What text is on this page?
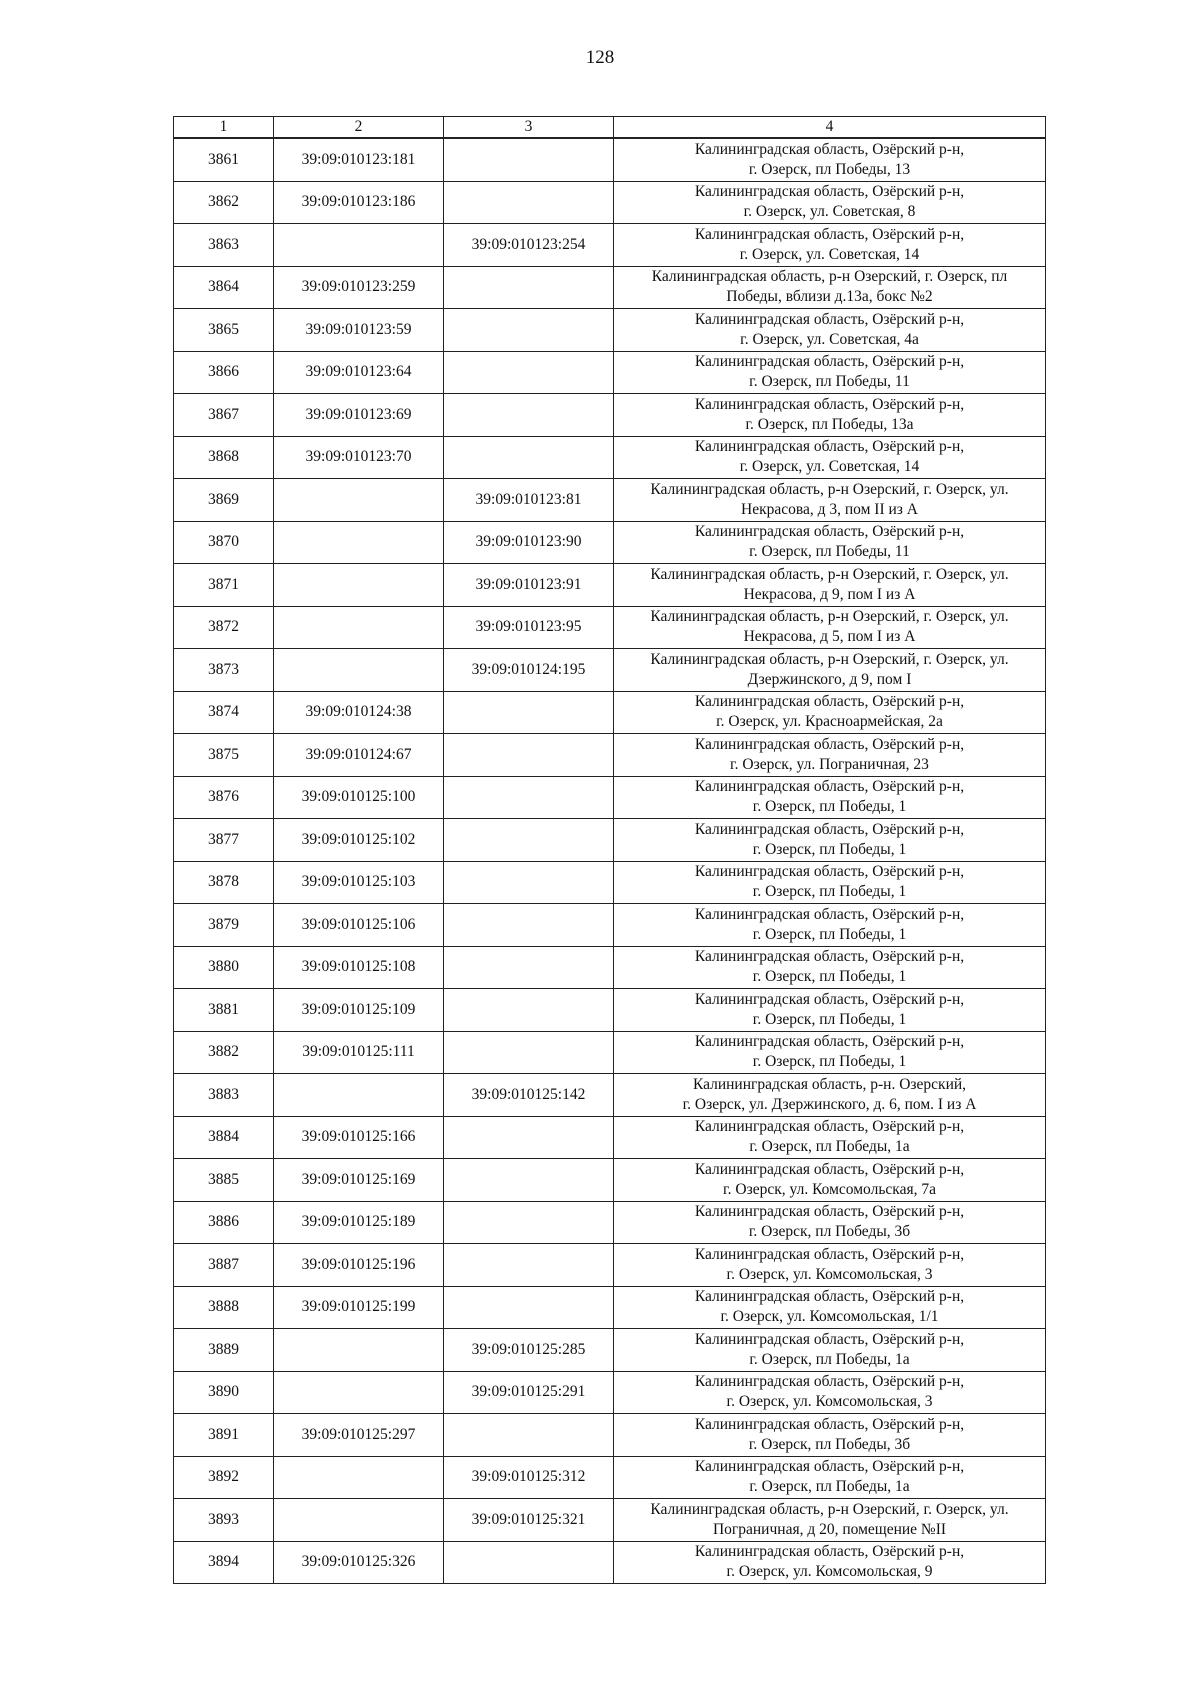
128
1	2	3	4
3861	39:09:010123:181		Калининградская область, Озёрский р-н,
г. Озерск, пл Победы, 13

3862	39:09:010123:186		Калининградская область, Озёрский р-н,
г. Озерск, ул. Советская, 8

3863		39:09:010123:254	Калининградская область, Озёрский р-н,
г. Озерск, ул. Советская, 14

3864	39:09:010123:259		Калининградская область, р-н Озерский, г. Озерск, пл
Победы, вблизи д.13а, бокс №2

3865	39:09:010123:59		Калининградская область, Озёрский р-н,
г. Озерск, ул. Советская, 4а

3866	39:09:010123:64		Калининградская область, Озёрский р-н,
г. Озерск, пл Победы, 11

3867	39:09:010123:69		Калининградская область, Озёрский р-н,
г. Озерск, пл Победы, 13а

3868	39:09:010123:70		Калининградская область, Озёрский р-н,
г. Озерск, ул. Советская, 14

3869		39:09:010123:81	Калининградская область, р-н Озерский, г. Озерск, ул.
Некрасова, д 3, пом II из А

3870		39:09:010123:90	Калининградская область, Озёрский р-н,
г. Озерск, пл Победы, 11

3871		39:09:010123:91	Калининградская область, р-н Озерский, г. Озерск, ул.
Некрасова, д 9, пом I из А

3872		39:09:010123:95	Калининградская область, р-н Озерский, г. Озерск, ул.
Некрасова, д 5, пом I из А

3873		39:09:010124:195	Калининградская область, р-н Озерский, г. Озерск, ул.
Дзержинского, д 9, пом I

3874	39:09:010124:38		Калининградская область, Озёрский р-н,
г. Озерск, ул. Красноармейская, 2а

3875	39:09:010124:67		Калининградская область, Озёрский р-н,
г. Озерск, ул. Пограничная, 23

3876	39:09:010125:100		Калининградская область, Озёрский р-н,
г. Озерск, пл Победы, 1

3877	39:09:010125:102		Калининградская область, Озёрский р-н,
г. Озерск, пл Победы, 1

3878	39:09:010125:103		Калининградская область, Озёрский р-н,
г. Озерск, пл Победы, 1

3879	39:09:010125:106		Калининградская область, Озёрский р-н,
г. Озерск, пл Победы, 1

3880	39:09:010125:108		Калининградская область, Озёрский р-н,
г. Озерск, пл Победы, 1

3881	39:09:010125:109		Калининградская область, Озёрский р-н,
г. Озерск, пл Победы, 1

3882	39:09:010125:111		Калининградская область, Озёрский р-н,
г. Озерск, пл Победы, 1

3883		39:09:010125:142	Калининградская область, р-н. Озерский,
г. Озерск, ул. Дзержинского, д. 6, пом. I из А

3884	39:09:010125:166		Калининградская область, Озёрский р-н,
г. Озерск, пл Победы, 1а

3885	39:09:010125:169		Калининградская область, Озёрский р-н,
г. Озерск, ул. Комсомольская, 7а

3886	39:09:010125:189		Калининградская область, Озёрский р-н,
г. Озерск, пл Победы, 3б

3887	39:09:010125:196		Калининградская область, Озёрский р-н,
г. Озерск, ул. Комсомольская, 3

3888	39:09:010125:199		Калининградская область, Озёрский р-н,
г. Озерск, ул. Комсомольская, 1/1

3889		39:09:010125:285	Калининградская область, Озёрский р-н,
г. Озерск, пл Победы, 1а

3890		39:09:010125:291	Калининградская область, Озёрский р-н,
г. Озерск, ул. Комсомольская, 3

3891	39:09:010125:297		Калининградская область, Озёрский р-н,
г. Озерск, пл Победы, 3б

3892		39:09:010125:312	Калининградская область, Озёрский р-н,
г. Озерск, пл Победы, 1а

3893		39:09:010125:321	Калининградская область, р-н Озерский, г. Озерск, ул.
Пограничная, д 20, помещение №II

3894	39:09:010125:326		Калининградская область, Озёрский р-н,
г. Озерск, ул. Комсомольская, 9
